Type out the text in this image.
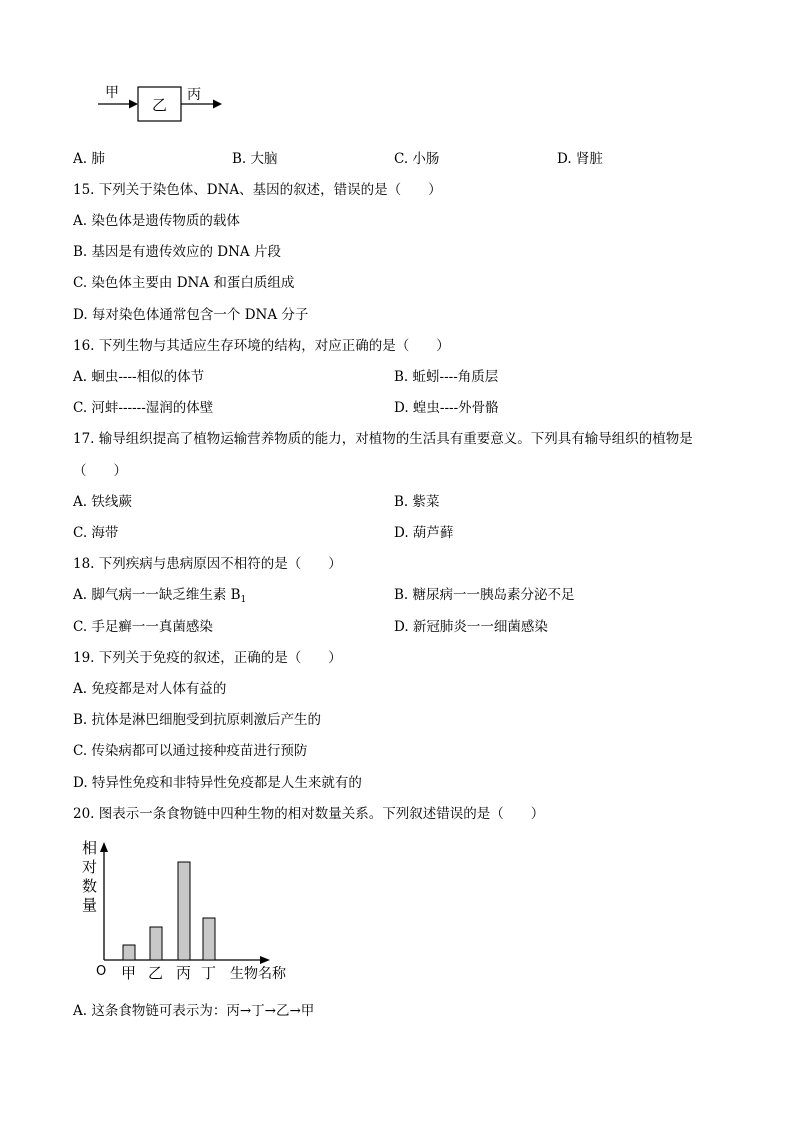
甲
乙
丙
A. 肺	B. 大脑	C. 小肠	D. 肾脏
15. 下列关于染色体、DNA、基因的叙述，错误的是（　　）
A. 染色体是遗传物质的载体
B. 基因是有遗传效应的 DNA 片段
C. 染色体主要由 DNA 和蛋白质组成
D. 每对染色体通常包含一个 DNA 分子
16. 下列生物与其适应生存环境的结构，对应正确的是（　　）
A. 蛔虫----相似的体节	B. 蚯蚓----角质层
C. 河蚌------湿润的体壁	D. 蝗虫----外骨骼
17. 输导组织提高了植物运输营养物质的能力，对植物的生活具有重要意义。下列具有输导组织的植物是
（　　）
A. 铁线蕨	B. 紫菜
C. 海带	D. 葫芦藓
18. 下列疾病与患病原因不相符的是（　　）
A. 脚气病一一缺乏维生素 $B_1$	B. 糖尿病一一胰岛素分泌不足
C. 手足癣一一真菌感染	D. 新冠肺炎一一细菌感染
19. 下列关于免疫的叙述，正确的是（　　）
A. 免疫都是对人体有益的
B. 抗体是淋巴细胞受到抗原刺激后产生的
C. 传染病都可以通过接种疫苗进行预防
D. 特异性免疫和非特异性免疫都是人生来就有的
20. 图表示一条食物链中四种生物的相对数量关系。下列叙述错误的是（　　）
相
对
数
量
O	生物名称
甲 乙 丙 丁
A. 这条食物链可表示为：丙→丁→乙→甲
